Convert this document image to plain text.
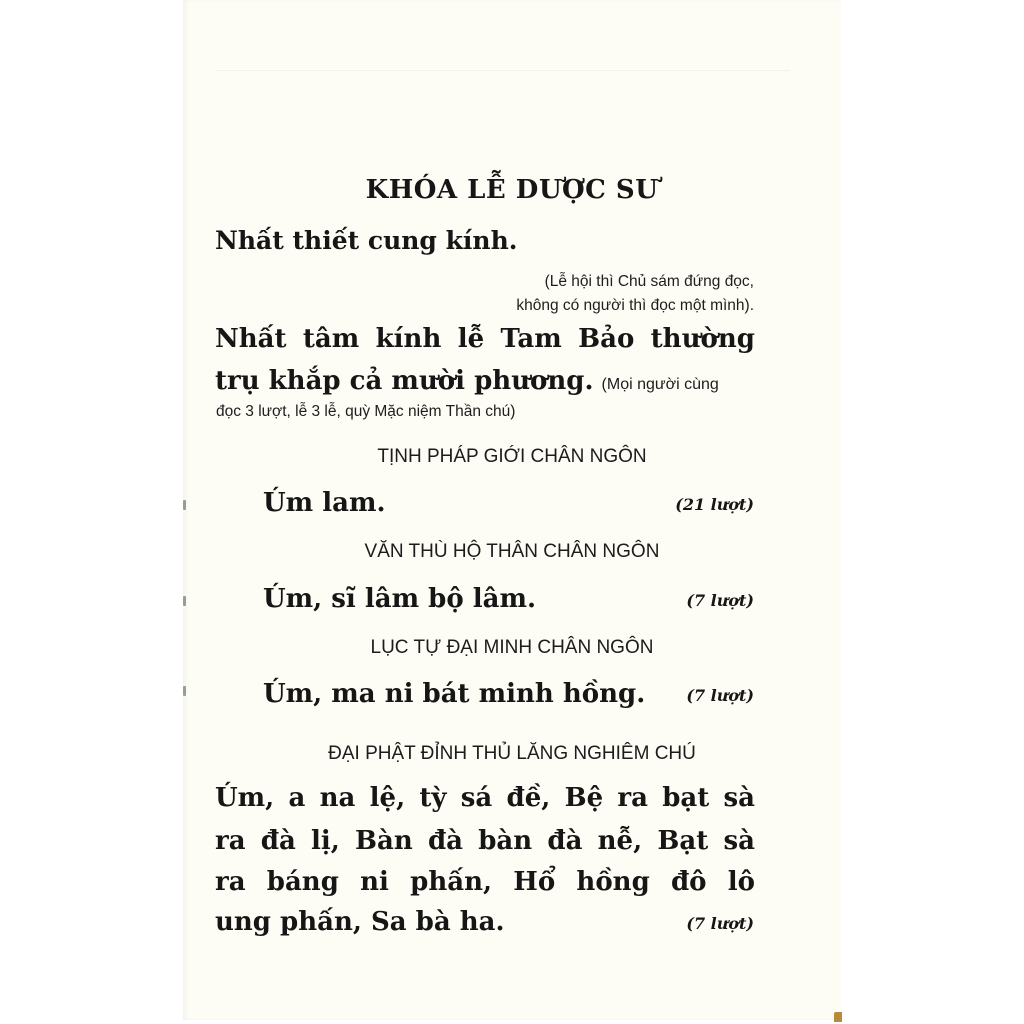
KHÓA LỄ DƯỢC SƯ
Nhất thiết cung kính.
(Lễ hội thì Chủ sám đứng đọc,
không có người thì đọc một mình).
Nhất tâm kính lễ Tam Bảo thường
trụ khắp cả mười phương. (Mọi người cùng
đọc 3 lượt, lễ 3 lễ, quỳ Mặc niệm Thần chú)
TỊNH PHÁP GIỚI CHÂN NGÔN
Úm lam.	(21 lượt)
VĂN THÙ HỘ THÂN CHÂN NGÔN
Úm, sĩ lâm bộ lâm.	(7 lượt)
LỤC TỰ ĐẠI MINH CHÂN NGÔN
Úm, ma ni bát minh hồng.	(7 lượt)
ĐẠI PHẬT ĐỈNH THỦ LĂNG NGHIÊM CHÚ
Úm, a na lệ, tỳ sá đề, Bệ ra bạt sà
ra đà lị, Bàn đà bàn đà nễ, Bạt sà
ra báng ni phấn, Hổ hồng đô lô
ung phấn, Sa bà ha.	(7 lượt)
